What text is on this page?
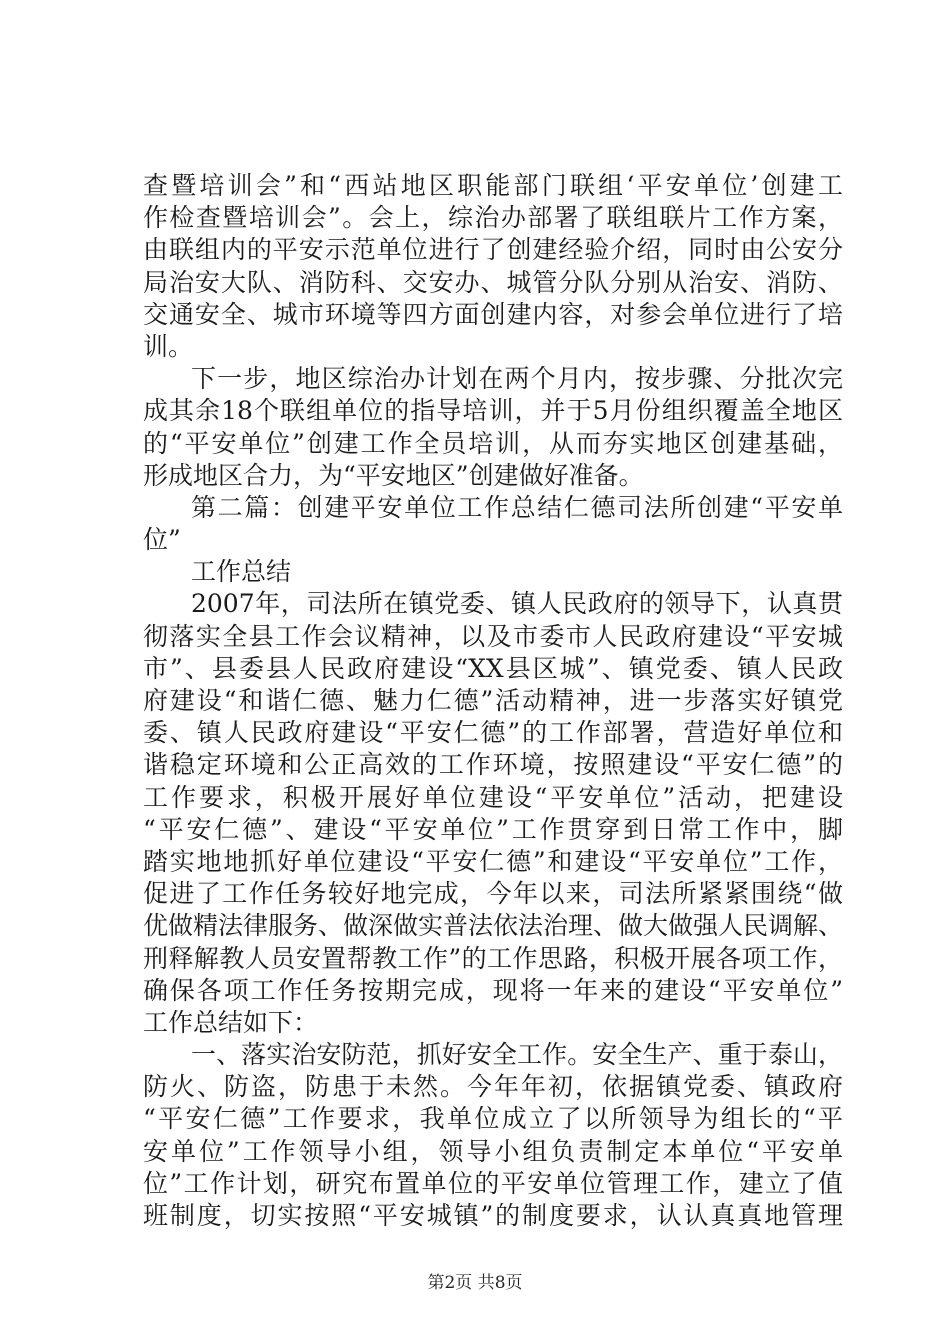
查暨培训会”和“西站地区职能部门联组‘平安单位’创建工
作检查暨培训会”。会上，综治办部署了联组联片工作方案，
由联组内的平安示范单位进行了创建经验介绍，同时由公安分
局治安大队、消防科、交安办、城管分队分别从治安、消防、
交通安全、城市环境等四方面创建内容，对参会单位进行了培
训。
下一步，地区综治办计划在两个月内，按步骤、分批次完
成其余18个联组单位的指导培训，并于5月份组织覆盖全地区
的“平安单位”创建工作全员培训，从而夯实地区创建基础，
形成地区合力，为“平安地区”创建做好准备。
第二篇：创建平安单位工作总结仁德司法所创建“平安单
位”
工作总结
2007年，司法所在镇党委、镇人民政府的领导下，认真贯
彻落实全县工作会议精神，以及市委市人民政府建设“平安城
市”、县委县人民政府建设“XX县区城”、镇党委、镇人民政
府建设“和谐仁德、魅力仁德”活动精神，进一步落实好镇党
委、镇人民政府建设“平安仁德”的工作部署，营造好单位和
谐稳定环境和公正高效的工作环境，按照建设“平安仁德”的
工作要求，积极开展好单位建设“平安单位”活动，把建设
“平安仁德”、建设“平安单位”工作贯穿到日常工作中，脚
踏实地地抓好单位建设“平安仁德”和建设“平安单位”工作，
促进了工作任务较好地完成，今年以来，司法所紧紧围绕“做
优做精法律服务、做深做实普法依法治理、做大做强人民调解、
刑释解教人员安置帮教工作”的工作思路，积极开展各项工作，
确保各项工作任务按期完成，现将一年来的建设“平安单位”
工作总结如下：
一、落实治安防范，抓好安全工作。安全生产、重于泰山，
防火、防盗，防患于未然。今年年初，依据镇党委、镇政府
“平安仁德”工作要求，我单位成立了以所领导为组长的“平
安单位”工作领导小组，领导小组负责制定本单位“平安单
位”工作计划，研究布置单位的平安单位管理工作，建立了值
班制度，切实按照“平安城镇”的制度要求，认认真真地管理
第2页 共8页
